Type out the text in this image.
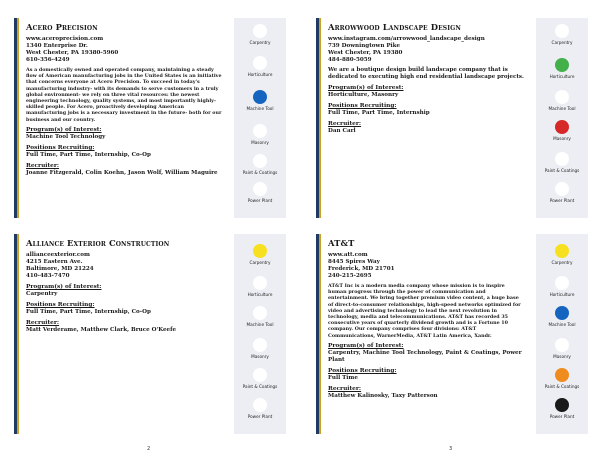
Acero Precision
www.aceroprecision.com
1340 Enterprise Dr.
West Chester, PA 19380-5960
610-356-4249
As a domestically owned and operated company, maintaining a steady flow of American manufacturing jobs in the United States is an initiative that concerns everyone at Acero Precision. To succeed in today's manufacturing industry- with its demands to serve customers in a truly global environment- we rely on three vital resources: the newest engineering technology, quality systems, and most importantly highly-skilled people. For Acero, proactively developing American manufacturing jobs is a necessary investment in the future- both for our business and our country.
Program(s) of Interest:
Machine Tool Technology
Positions Recruiting:
Full Time, Part Time, Internship, Co-Op
Recruiter:
Joanne Fitzgerald, Colin Koehn, Jason Wolf, William Maguire
Carpentry
Horticulture
Machine Tool
Masonry
Paint & Coatings
Power Plant
Arrowwood Landscape Design
www.instagram.com/arrowwood_landscape_design
739 Downingtown Pike
West Chester, PA 19380
484-880-5059
We are a boutique design build landscape company that is dedicated to executing high end residential landscape projects.
Program(s) of Interest:
Horticulture, Masonry
Positions Recruiting:
Full Time, Part Time, Internship
Recruiter:
Dan Carl
Carpentry
Horticulture
Machine Tool
Masonry
Paint & Coatings
Power Plant
Alliance Exterior Construction
allianceexterior.com
4215 Eastern Ave.
Baltimore, MD 21224
410-483-7470
Program(s) of Interest:
Carpentry
Positions Recruiting:
Full Time, Part Time, Internship, Co-Op
Recruiter:
Matt Verderame, Matthew Clark, Bruce O'Keefe
Carpentry
Horticulture
Machine Tool
Masonry
Paint & Coatings
Power Plant
AT&T
www.att.com
8445 Spires Way
Frederick, MD 21701
240-215-2695
AT&T Inc is a modern media company whose mission is to inspire human progress through the power of communication and entertainment. We bring together premium video content, a huge base of direct-to-consumer relationships, high-speed networks optimized for video and advertising technology to lead the next revolution in technology, media and telecommunications. AT&T has recorded 35 consecutive years of quarterly dividend growth and is a Fortune 10 company. Our company comprises four divisions: AT&T Communications, WarnerMedia, AT&T Latin America, Xandr.
Program(s) of Interest:
Carpentry, Machine Tool Technology, Paint & Coatings, Power Plant
Positions Recruiting:
Full Time
Recruiter:
Matthew Kalinosky, Taxy Patterson
Carpentry
Horticulture
Machine Tool
Masonry
Paint & Coatings
Power Plant
2	3
